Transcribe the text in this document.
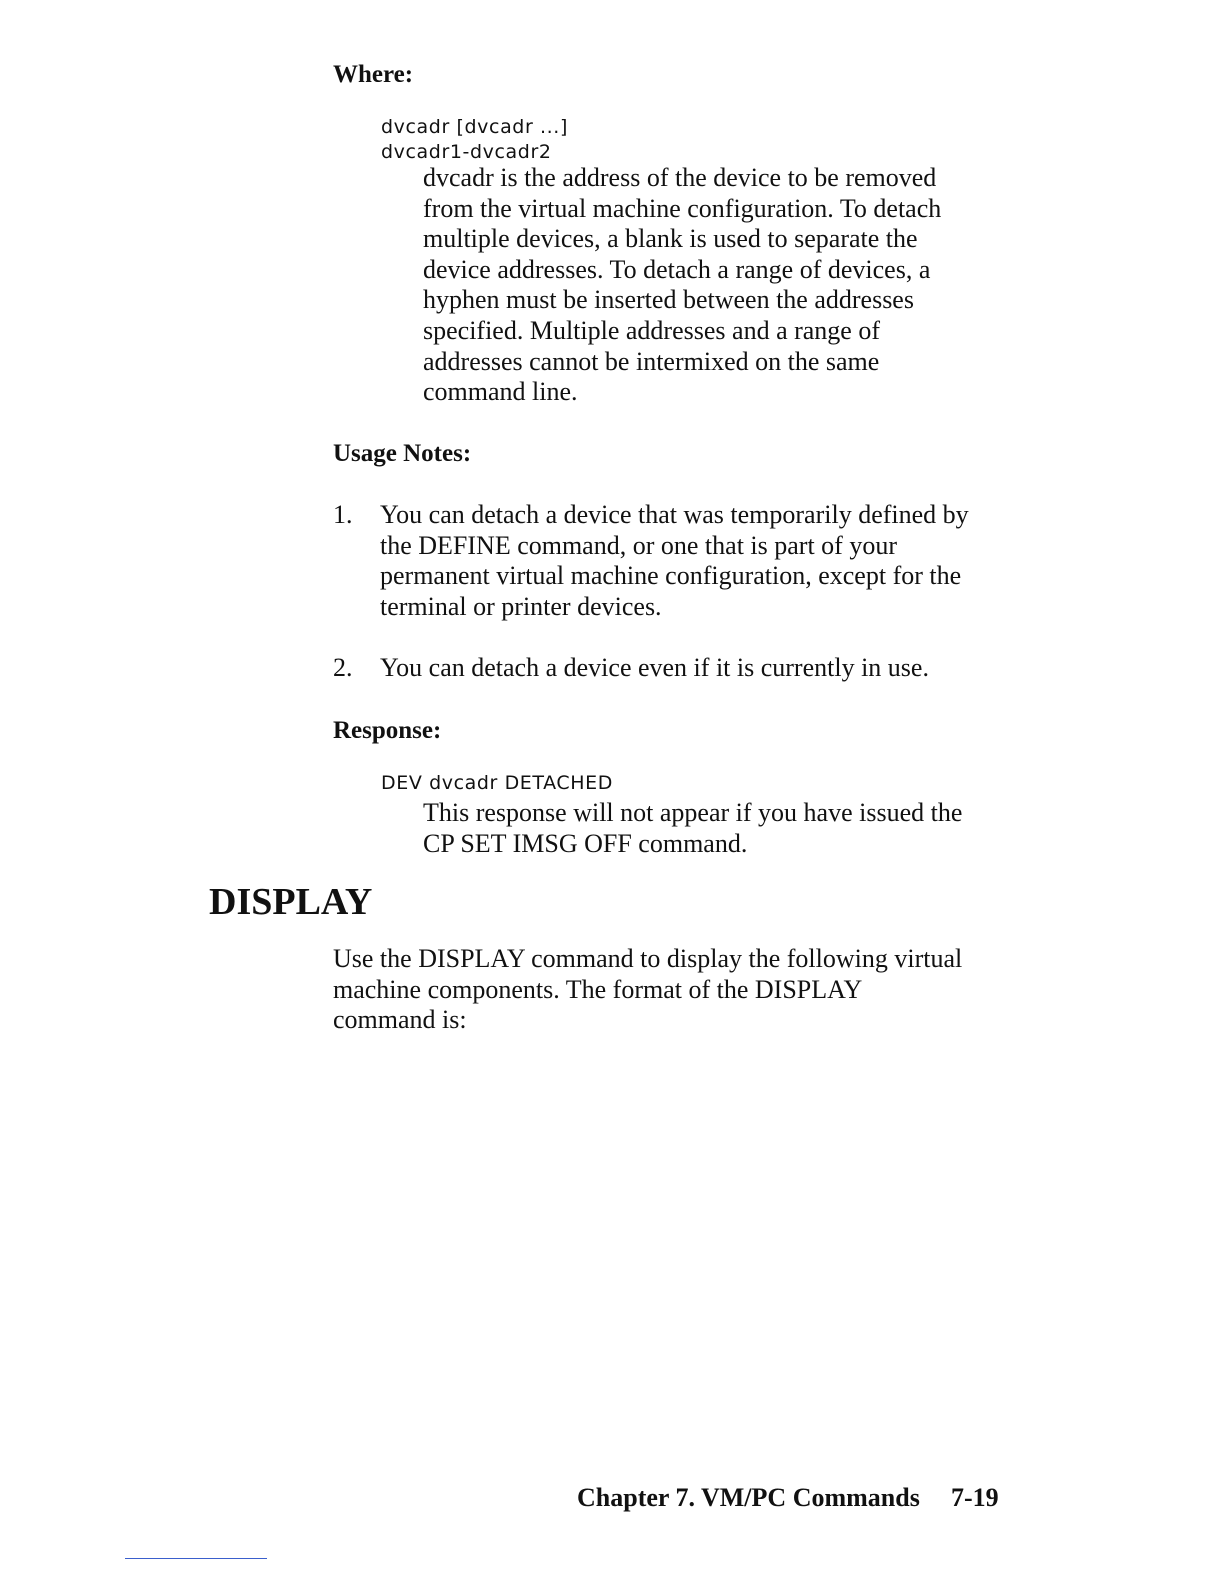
Where:
dvcadr [dvcadr ...]
dvcadr1-dvcadr2
dvcadr is the address of the device to be removed
from the virtual machine configuration. To detach
multiple devices, a blank is used to separate the
device addresses. To detach a range of devices, a
hyphen must be inserted between the addresses
specified. Multiple addresses and a range of
addresses cannot be intermixed on the same
command line.
Usage Notes:
1. You can detach a device that was temporarily defined by
the DEFINE command, or one that is part of your
permanent virtual machine configuration, except for the
terminal or printer devices.
2. You can detach a device even if it is currently in use.
Response:
DEV dvcadr DETACHED
This response will not appear if you have issued the
CP SET IMSG OFF command.
DISPLAY
Use the DISPLAY command to display the following virtual
machine components. The format of the DISPLAY
command is:
Chapter 7. VM/PC Commands 7-19
